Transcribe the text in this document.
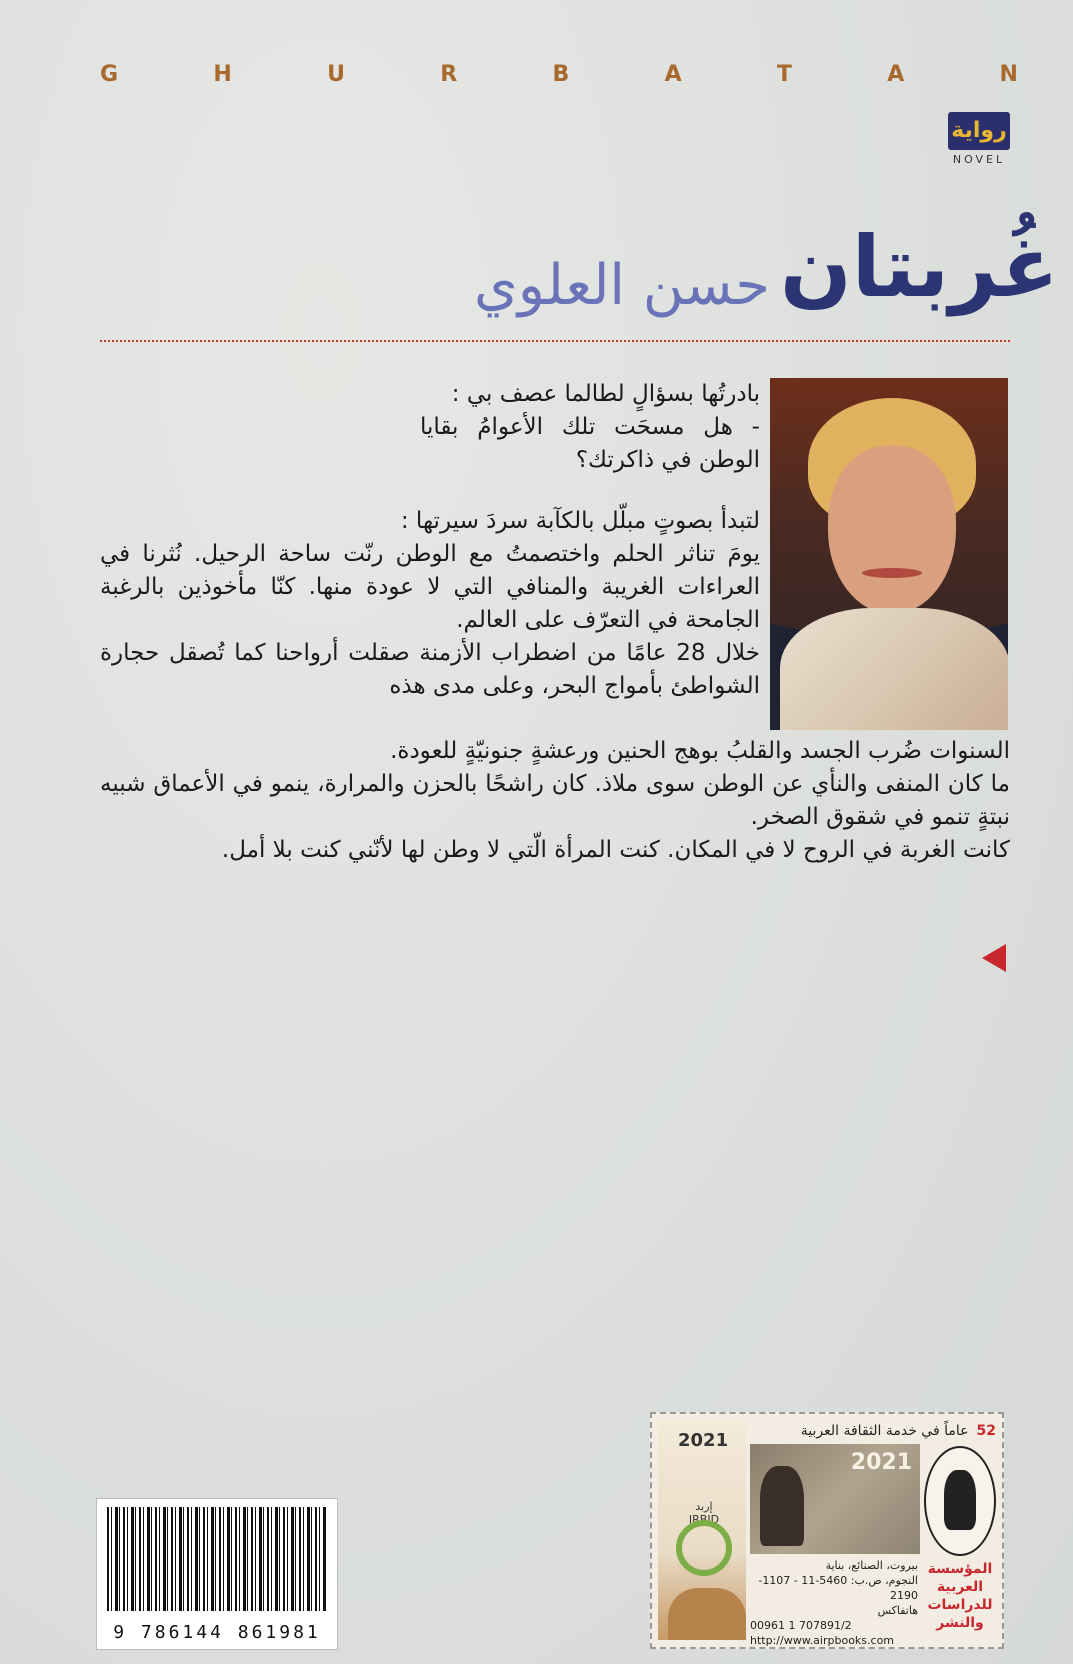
G	H	U	R	B	A	T	A	N
رواية
NOVEL
غُربتان
حسن العلوي

بادرتُها بسؤالٍ لطالما عصف بي :

- هل مسحَت تلك الأعوامُ بقايا الوطن في ذاكرتك؟

لتبدأ بصوتٍ مبلّل بالكآبة سردَ سيرتها :

يومَ تناثر الحلم واختصمتُ مع الوطن رنّت ساحة الرحيل. نُثرنا في العراءات الغريبة والمنافي التي لا عودة منها. كنّا مأخوذين بالرغبة الجامحة في التعرّف على العالم.

خلال 28 عامًا من اضطراب الأزمنة صقلت أرواحنا كما تُصقل حجارة الشواطئ بأمواج البحر، وعلى مدى هذه

السنوات ضُرب الجسد والقلبُ بوهج الحنين ورعشةٍ جنونيّةٍ للعودة.

ما كان المنفى والنأي عن الوطن سوى ملاذ. كان راشحًا بالحزن والمرارة، ينمو في الأعماق شبيه نبتةٍ تنمو في شقوق الصخر.

كانت الغربة في الروح لا في المكان. كنت المرأة الّتي لا وطن لها لأنّني كنت بلا أمل.

9 786144 861981
2021
إربد
IRBID
52عاماً في خدمة الثقافة العربية
2021
بيروت، الصنائع، بناية
النجوم، ص.ب: 5460-11 - 1107-2190
هاتفاكس
00961 1 707891/2
http://www.airpbooks.com
المؤسسة العربية للدراسات والنشر
